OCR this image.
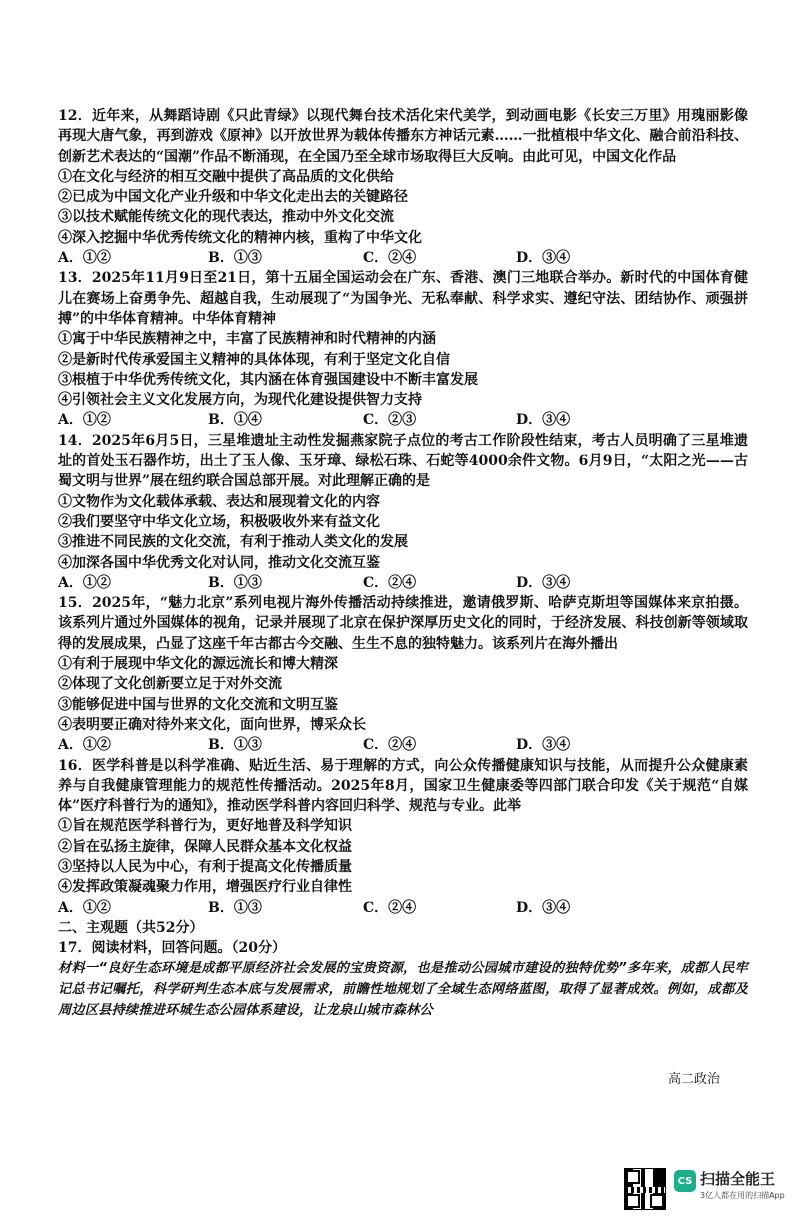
12．近年来，从舞蹈诗剧《只此青绿》以现代舞台技术活化宋代美学，到动画电影《长安三万里》用瑰丽影像再现大唐气象，再到游戏《原神》以开放世界为载体传播东方神话元素……一批植根中华文化、融合前沿科技、创新艺术表达的“国潮”作品不断涌现，在全国乃至全球市场取得巨大反响。由此可见，中国文化作品

①在文化与经济的相互交融中提供了高品质的文化供给

②已成为中国文化产业升级和中华文化走出去的关键路径

③以技术赋能传统文化的现代表达，推动中外文化交流

④深入挖掘中华优秀传统文化的精神内核，重构了中华文化

A．①②	B．①③	C．②④	D．③④

13．2025年11月9日至21日，第十五届全国运动会在广东、香港、澳门三地联合举办。新时代的中国体育健儿在赛场上奋勇争先、超越自我，生动展现了“为国争光、无私奉献、科学求实、遵纪守法、团结协作、顽强拼搏”的中华体育精神。中华体育精神

①寓于中华民族精神之中，丰富了民族精神和时代精神的内涵

②是新时代传承爱国主义精神的具体体现，有利于坚定文化自信

③根植于中华优秀传统文化，其内涵在体育强国建设中不断丰富发展

④引领社会主义文化发展方向，为现代化建设提供智力支持

A．①②	B．①④	C．②③	D．③④

14．2025年6月5日，三星堆遗址主动性发掘燕家院子点位的考古工作阶段性结束，考古人员明确了三星堆遗址的首处玉石器作坊，出土了玉人像、玉牙璋、绿松石珠、石蛇等4000余件文物。6月9日，“太阳之光——古蜀文明与世界”展在纽约联合国总部开展。对此理解正确的是

①文物作为文化载体承载、表达和展现着文化的内容

②我们要坚守中华文化立场，积极吸收外来有益文化

③推进不同民族的文化交流，有利于推动人类文化的发展

④加深各国中华优秀文化对认同，推动文化交流互鉴

A．①②	B．①③	C．②④	D．③④

15．2025年，“魅力北京”系列电视片海外传播活动持续推进，邀请俄罗斯、哈萨克斯坦等国媒体来京拍摄。该系列片通过外国媒体的视角，记录并展现了北京在保护深厚历史文化的同时，于经济发展、科技创新等领域取得的发展成果，凸显了这座千年古都古今交融、生生不息的独特魅力。该系列片在海外播出

①有利于展现中华文化的源远流长和博大精深

②体现了文化创新要立足于对外交流

③能够促进中国与世界的文化交流和文明互鉴

④表明要正确对待外来文化，面向世界，博采众长

A．①②	B．①③	C．②④	D．③④

16．医学科普是以科学准确、贴近生活、易于理解的方式，向公众传播健康知识与技能，从而提升公众健康素养与自我健康管理能力的规范性传播活动。2025年8月，国家卫生健康委等四部门联合印发《关于规范“自媒体”医疗科普行为的通知》，推动医学科普内容回归科学、规范与专业。此举

①旨在规范医学科普行为，更好地普及科学知识

②旨在弘扬主旋律，保障人民群众基本文化权益

③坚持以人民为中心，有利于提高文化传播质量

④发挥政策凝魂聚力作用，增强医疗行业自律性

A．①②	B．①③	C．②④	D．③④

二、主观题（共52分）

17．阅读材料，回答问题。（20分）

材料一“良好生态环境是成都平原经济社会发展的宝贵资源，也是推动公园城市建设的独特优势”多年来，成都人民牢记总书记嘱托，科学研判生态本底与发展需求，前瞻性地规划了全域生态网络蓝图，取得了显著成效。例如，成都及周边区县持续推进环城生态公园体系建设，让龙泉山城市森林公

高二政治
CS 扫描全能王
3亿人都在用的扫描App
